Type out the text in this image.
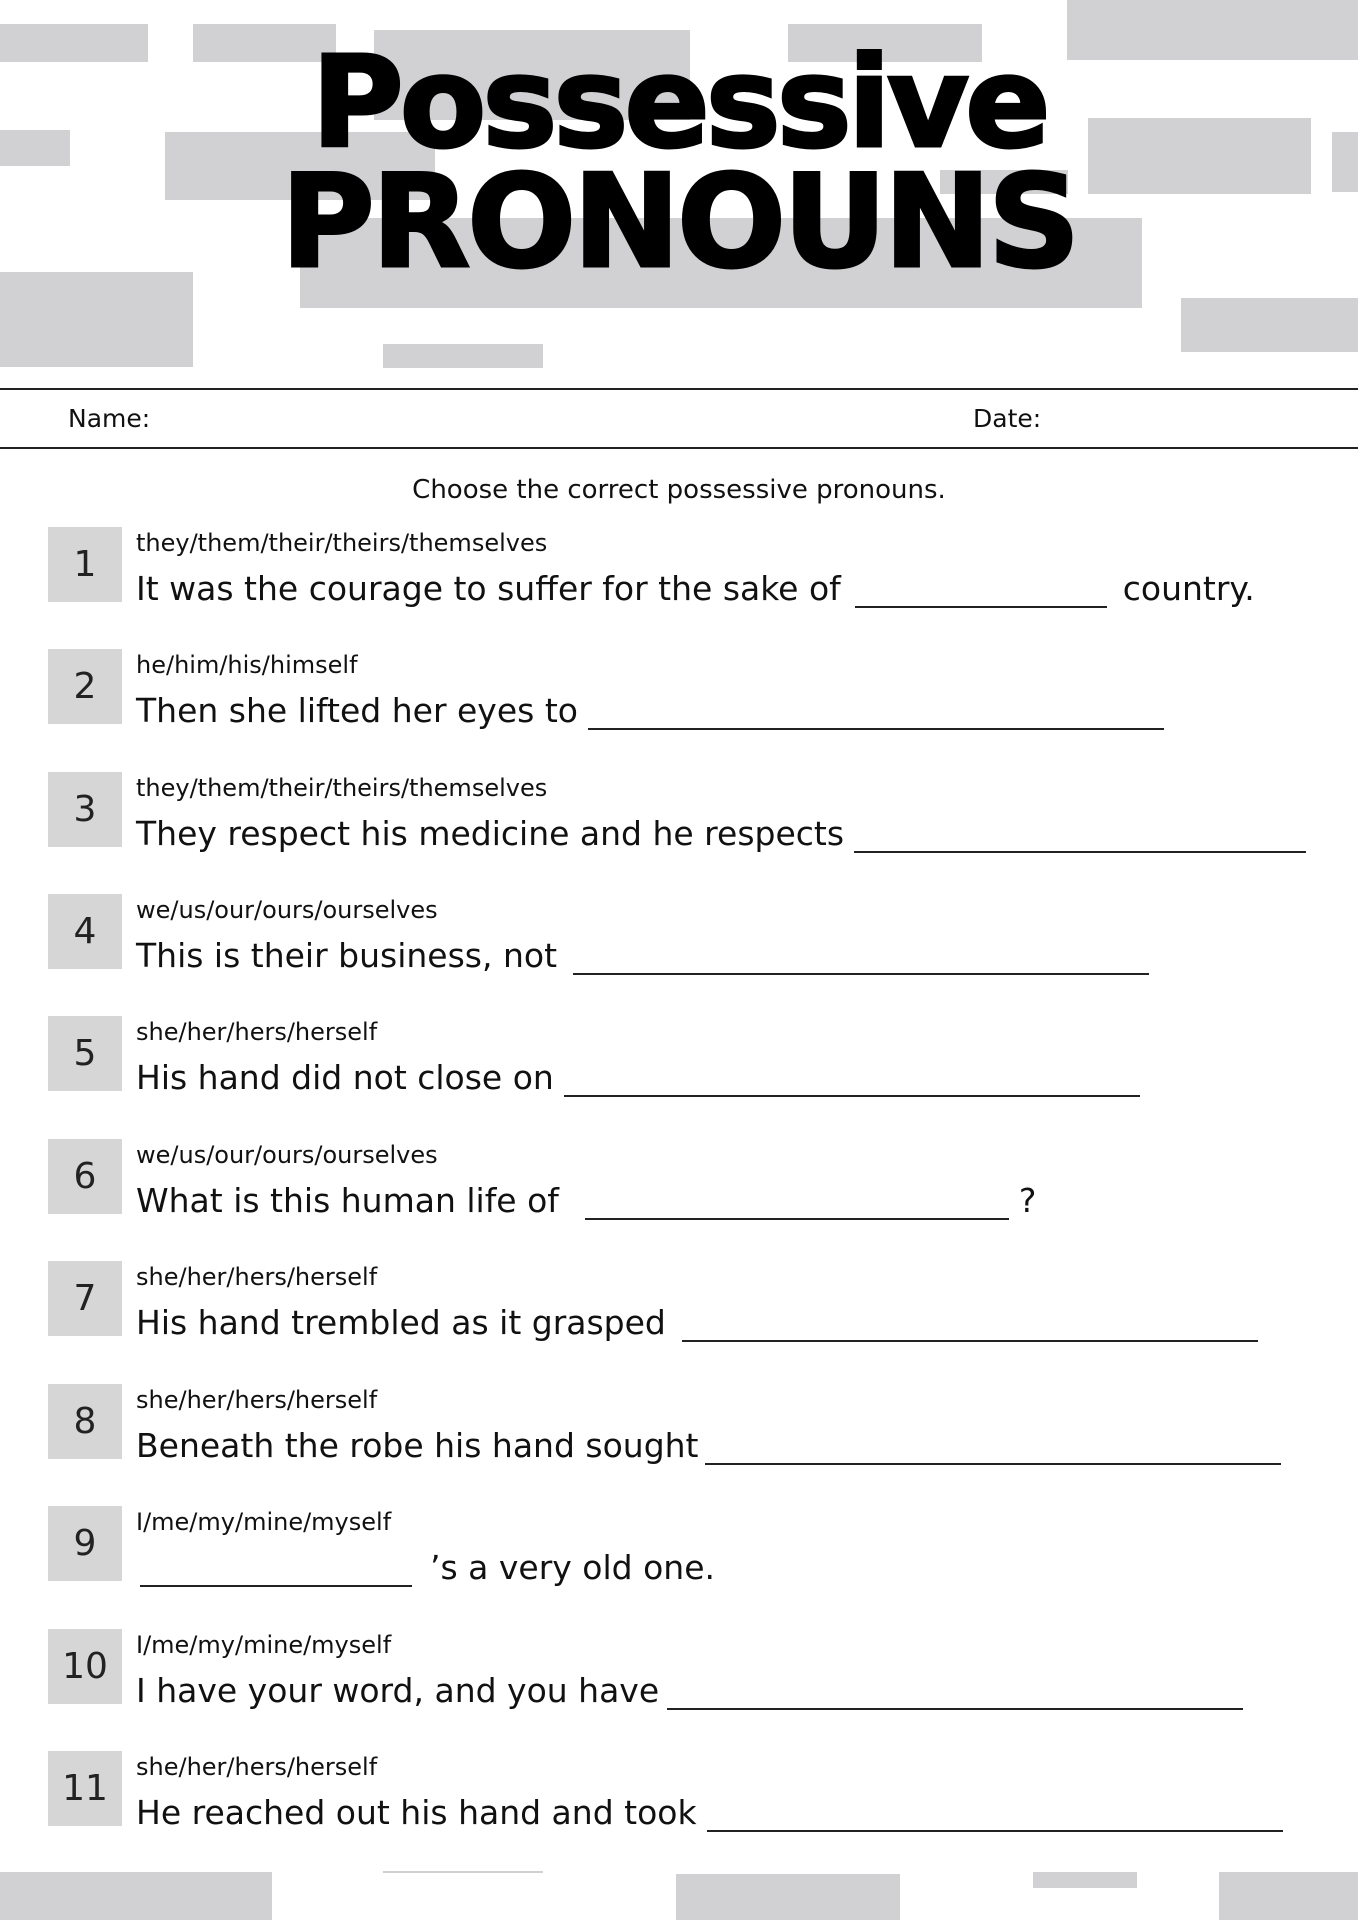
Possessive
PRONOUNS
Name:	Date:
Choose the correct possessive pronouns.
1
they/them/their/theirs/themselves
It was the courage to suffer for the sake of	country.
2
he/him/his/himself
Then she lifted her eyes to
3
they/them/their/theirs/themselves
They respect his medicine and he respects
4
we/us/our/ours/ourselves
This is their business, not
5
she/her/hers/herself
His hand did not close on
6
we/us/our/ours/ourselves
What is this human life of	?
7
she/her/hers/herself
His hand trembled as it grasped
8
she/her/hers/herself
Beneath the robe his hand sought
9
I/me/my/mine/myself
’s a very old one.
10
I/me/my/mine/myself
I have your word, and you have
11
she/her/hers/herself
He reached out his hand and took
